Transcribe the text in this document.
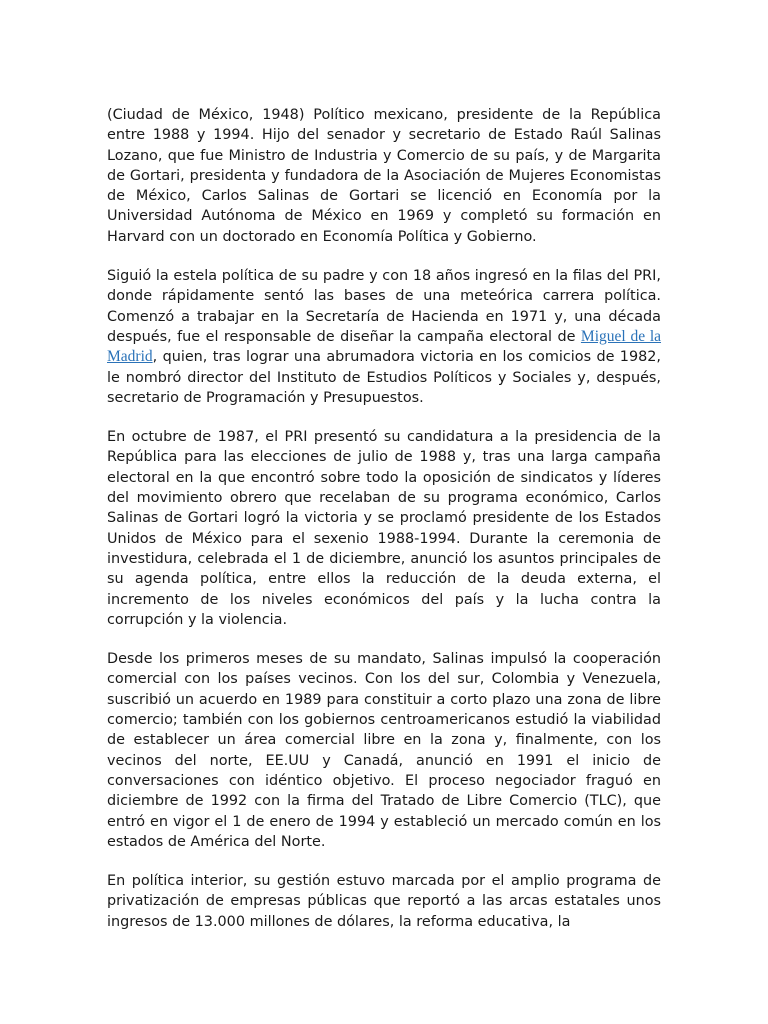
(Ciudad de México, 1948) Político mexicano, presidente de la República entre 1988 y 1994. Hijo del senador y secretario de Estado Raúl Salinas Lozano, que fue Ministro de Industria y Comercio de su país, y de Margarita de Gortari, presidenta y fundadora de la Asociación de Mujeres Economistas de México, Carlos Salinas de Gortari se licenció en Economía por la Universidad Autónoma de México en 1969 y completó su formación en Harvard con un doctorado en Economía Política y Gobierno.

Siguió la estela política de su padre y con 18 años ingresó en la filas del PRI, donde rápidamente sentó las bases de una meteórica carrera política. Comenzó a trabajar en la Secretaría de Hacienda en 1971 y, una década después, fue el responsable de diseñar la campaña electoral de Miguel de la Madrid, quien, tras lograr una abrumadora victoria en los comicios de 1982, le nombró director del Instituto de Estudios Políticos y Sociales y, después, secretario de Programación y Presupuestos.

En octubre de 1987, el PRI presentó su candidatura a la presidencia de la República para las elecciones de julio de 1988 y, tras una larga campaña electoral en la que encontró sobre todo la oposición de sindicatos y líderes del movimiento obrero que recelaban de su programa económico, Carlos Salinas de Gortari logró la victoria y se proclamó presidente de los Estados Unidos de México para el sexenio 1988-1994. Durante la ceremonia de investidura, celebrada el 1 de diciembre, anunció los asuntos principales de su agenda política, entre ellos la reducción de la deuda externa, el incremento de los niveles económicos del país y la lucha contra la corrupción y la violencia.

Desde los primeros meses de su mandato, Salinas impulsó la cooperación comercial con los países vecinos. Con los del sur, Colombia y Venezuela, suscribió un acuerdo en 1989 para constituir a corto plazo una zona de libre comercio; también con los gobiernos centroamericanos estudió la viabilidad de establecer un área comercial libre en la zona y, finalmente, con los vecinos del norte, EE.UU y Canadá, anunció en 1991 el inicio de conversaciones con idéntico objetivo. El proceso negociador fraguó en diciembre de 1992 con la firma del Tratado de Libre Comercio (TLC), que entró en vigor el 1 de enero de 1994 y estableció un mercado común en los estados de América del Norte.

En política interior, su gestión estuvo marcada por el amplio programa de privatización de empresas públicas que reportó a las arcas estatales unos ingresos de 13.000 millones de dólares, la reforma educativa, la
